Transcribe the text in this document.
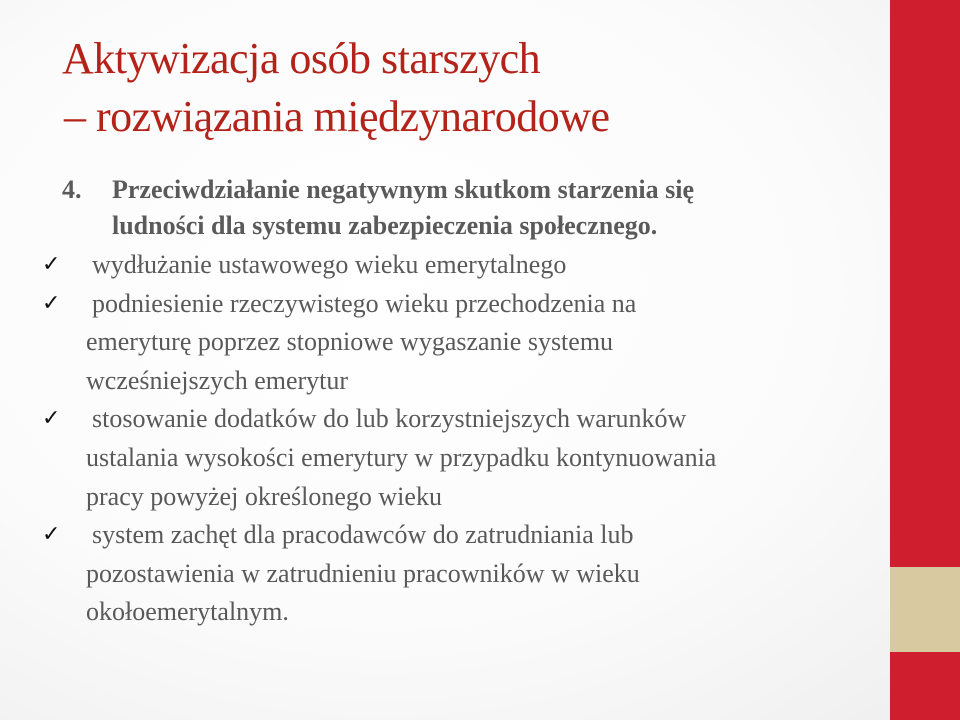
Aktywizacja osób starszych
– rozwiązania międzynarodowe
4. Przeciwdziałanie negatywnym skutkom starzenia się
ludności dla systemu zabezpieczenia społecznego.
✓	wydłużanie ustawowego wieku emerytalnego
✓	podniesienie rzeczywistego wieku przechodzenia na
emeryturę poprzez stopniowe wygaszanie systemu
wcześniejszych emerytur
✓	stosowanie dodatków do lub korzystniejszych warunków
ustalania wysokości emerytury w przypadku kontynuowania
pracy powyżej określonego wieku
✓	system zachęt dla pracodawców do zatrudniania lub
pozostawienia w zatrudnieniu pracowników w wieku
okołoemerytalnym.
